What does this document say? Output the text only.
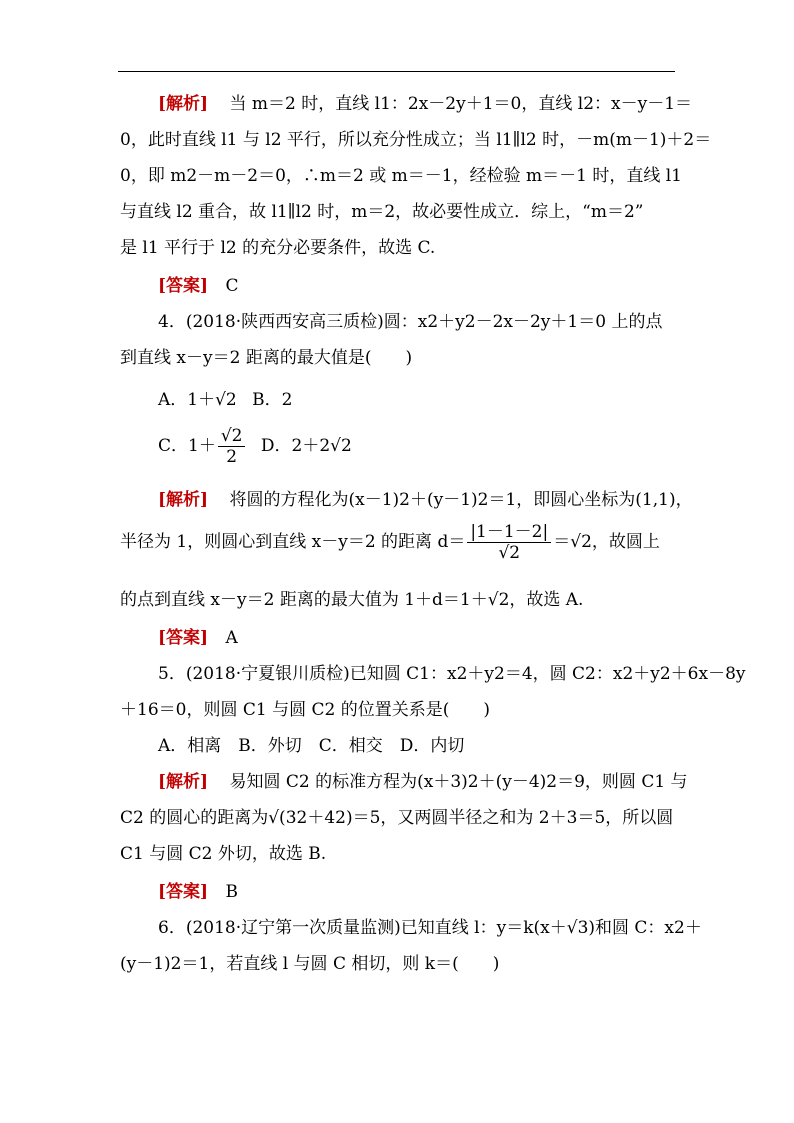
[解析] 当 m＝2 时，直线 l1：2x－2y＋1＝0，直线 l2：x－y－1＝
0，此时直线 l1 与 l2 平行，所以充分性成立；当 l1∥l2 时，－m(m－1)＋2＝
0，即 m2－m－2＝0，∴m＝2 或 m＝－1，经检验 m＝－1 时，直线 l1
与直线 l2 重合，故 l1∥l2 时，m＝2，故必要性成立．综上，“m＝2”
是 l1 平行于 l2 的充分必要条件，故选 C.
[答案] C
4．(2018·陕西西安高三质检)圆：x2＋y2－2x－2y＋1＝0 上的点
到直线 x－y＝2 距离的最大值是(　　)
A．1＋√2 B．2
C．$1+ \frac{√2}{2}$ D．2＋2√2
[解析] 将圆的方程化为(x－1)2＋(y－1)2＝1，即圆心坐标为(1,1)，
半径为 1，则圆心到直线 x－y＝2 的距离 $d= \frac{|1-1-2|}{√2} =√2$，故圆上
的点到直线 x－y＝2 距离的最大值为 1＋d＝1＋√2，故选 A.
[答案] A
5．(2018·宁夏银川质检)已知圆 C1：x2＋y2＝4，圆 C2：x2＋y2＋6x－8y
＋16＝0，则圆 C1 与圆 C2 的位置关系是(　　)
A．相离　B．外切　C．相交　D．内切
[解析] 易知圆 C2 的标准方程为(x＋3)2＋(y－4)2＝9，则圆 C1 与
C2 的圆心的距离为√(32＋42)＝5，又两圆半径之和为 2＋3＝5，所以圆
C1 与圆 C2 外切，故选 B.
[答案] B
6．(2018·辽宁第一次质量监测)已知直线 l：y＝k(x＋√3)和圆 C：x2＋
(y－1)2＝1，若直线 l 与圆 C 相切，则 k＝(　　)
